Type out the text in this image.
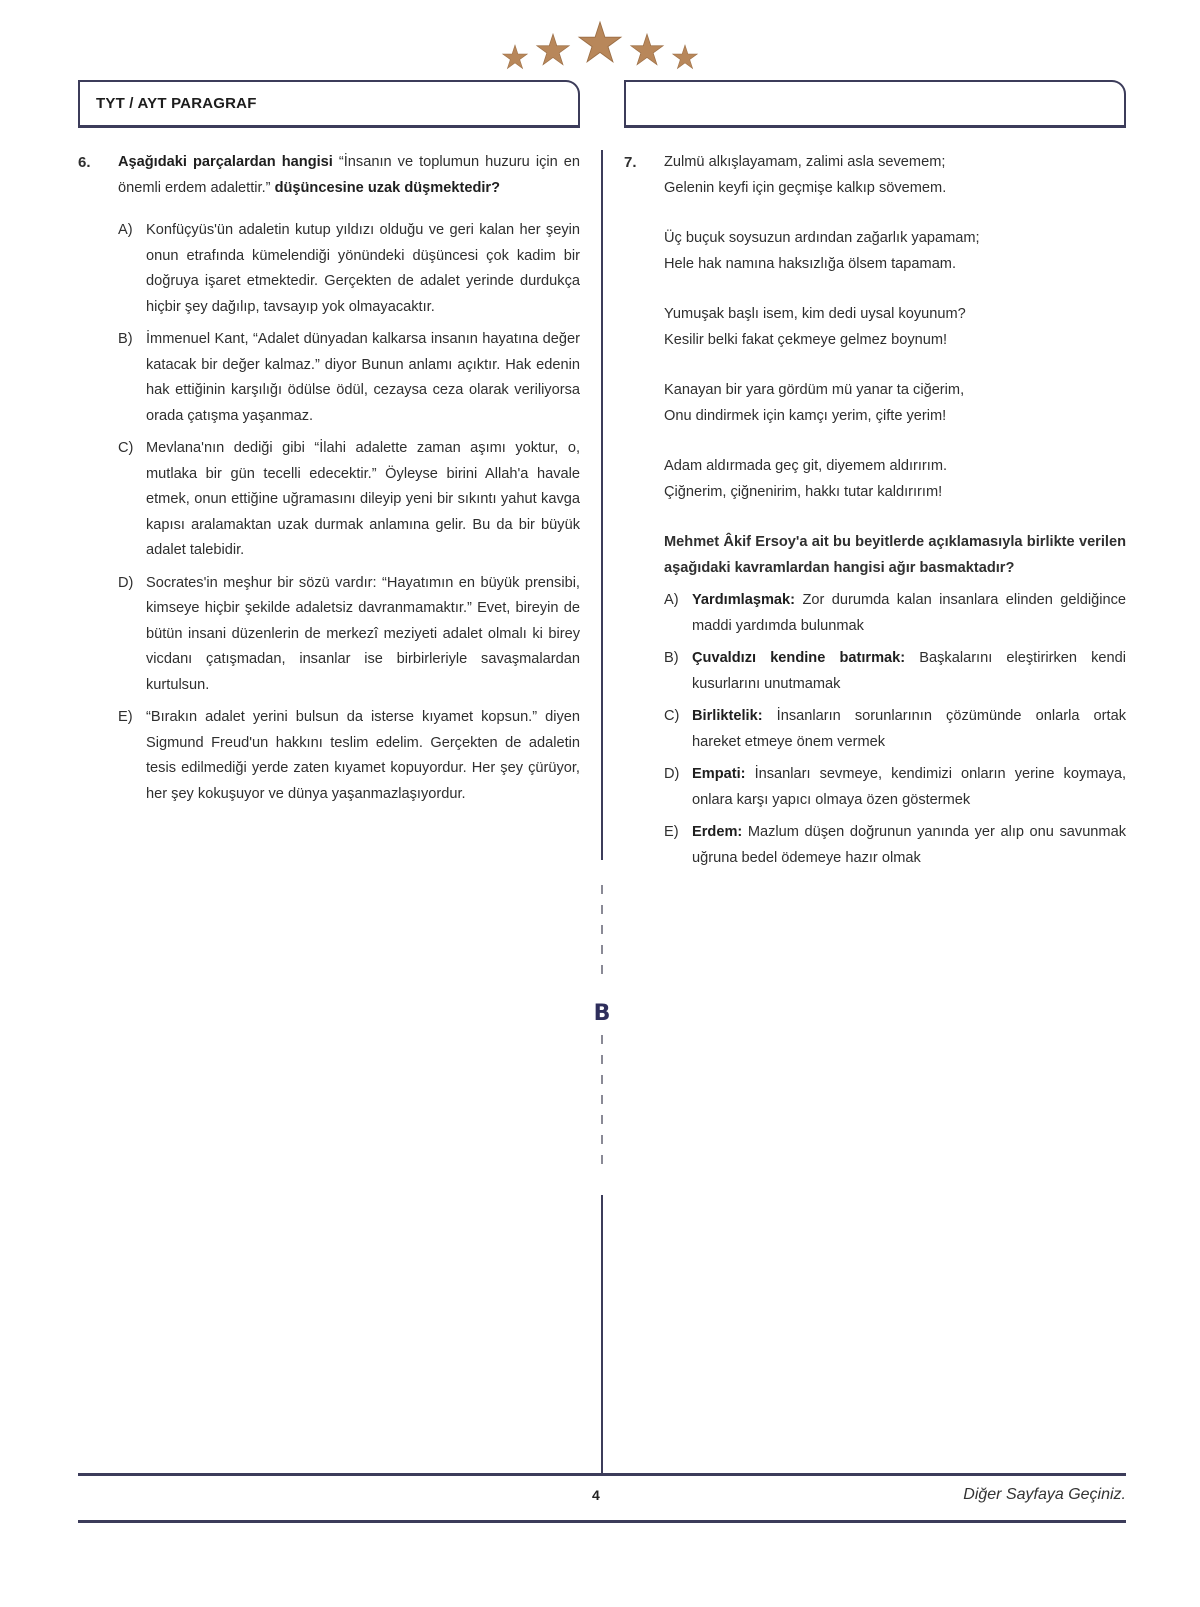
TYT / AYT PARAGRAF
B
6. Aşağıdaki parçalardan hangisi “İnsanın ve toplumun huzuru için en önemli erdem adalettir.” düşüncesine uzak düşmektedir?
A) Konfüçyüs'ün adaletin kutup yıldızı olduğu ve geri kalan her şeyin onun etrafında kümelendiği yönündeki düşüncesi çok kadim bir doğruya işaret etmektedir. Gerçekten de adalet yerinde durdukça hiçbir şey dağılıp, tavsayıp yok olmayacaktır.
B) İmmenuel Kant, “Adalet dünyadan kalkarsa insanın hayatına değer katacak bir değer kalmaz.” diyor Bunun anlamı açıktır. Hak edenin hak ettiğinin karşılığı ödülse ödül, cezaysa ceza olarak veriliyorsa orada çatışma yaşanmaz.
C) Mevlana'nın dediği gibi “İlahi adalette zaman aşımı yoktur, o, mutlaka bir gün tecelli edecektir.” Öyleyse birini Allah'a havale etmek, onun ettiğine uğramasını dileyip yeni bir sıkıntı yahut kavga kapısı aralamaktan uzak durmak anlamına gelir. Bu da bir büyük adalet talebidir.
D) Socrates'in meşhur bir sözü vardır: “Hayatımın en büyük prensibi, kimseye hiçbir şekilde adaletsiz davranmamaktır.” Evet, bireyin de bütün insani düzenlerin de merkezî meziyeti adalet olmalı ki birey vicdanı çatışmadan, insanlar ise birbirleriyle savaşmalardan kurtulsun.
E) “Bırakın adalet yerini bulsun da isterse kıyamet kopsun.” diyen Sigmund Freud'un hakkını teslim edelim. Gerçekten de adaletin tesis edilmediği yerde zaten kıyamet kopuyordur. Her şey çürüyor, her şey kokuşuyor ve dünya yaşanmazlaşıyordur.
7. Zulmü alkışlayamam, zalimi asla sevemem;
Gelenin keyfi için geçmişe kalkıp sövemem.
Üç buçuk soysuzun ardından zağarlık yapamam;
Hele hak namına haksızlığa ölsem tapamam.
Yumuşak başlı isem, kim dedi uysal koyunum?
Kesilir belki fakat çekmeye gelmez boynum!
Kanayan bir yara gördüm mü yanar ta ciğerim,
Onu dindirmek için kamçı yerim, çifte yerim!
Adam aldırmada geç git, diyemem aldırırım.
Çiğnerim, çiğnenirim, hakkı tutar kaldırırım!
Mehmet Âkif Ersoy'a ait bu beyitlerde açıklamasıyla birlikte verilen aşağıdaki kavramlardan hangisi ağır basmaktadır?
A) Yardımlaşmak: Zor durumda kalan insanlara elinden geldiğince maddi yardımda bulunmak
B) Çuvaldızı kendine batırmak: Başkalarını eleştirirken kendi kusurlarını unutmamak
C) Birliktelik: İnsanların sorunlarının çözümünde onlarla ortak hareket etmeye önem vermek
D) Empati: İnsanları sevmeye, kendimizi onların yerine koymaya, onlara karşı yapıcı olmaya özen göstermek
E) Erdem: Mazlum düşen doğrunun yanında yer alıp onu savunmak uğruna bedel ödemeye hazır olmak
4	Diğer Sayfaya Geçiniz.
